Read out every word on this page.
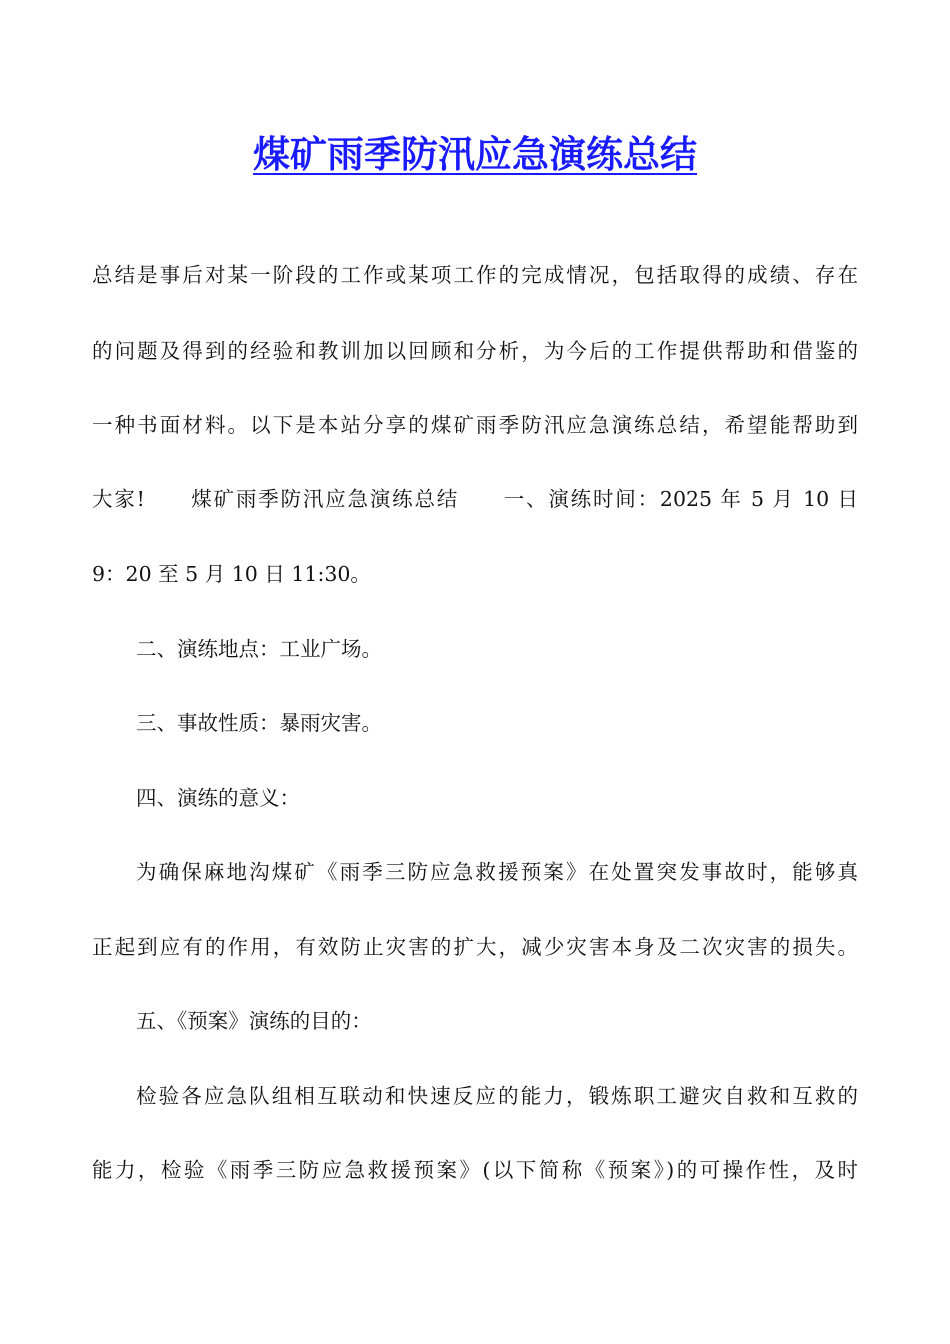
煤矿雨季防汛应急演练总结

总结是事后对某一阶段的工作或某项工作的完成情况，包括取得的成绩、存在

的问题及得到的经验和教训加以回顾和分析，为今后的工作提供帮助和借鉴的

一种书面材料。以下是本站分享的煤矿雨季防汛应急演练总结，希望能帮助到

大家!　　煤矿雨季防汛应急演练总结　　一、演练时间：2025 年 5 月 10 日

9：20 至 5 月 10 日 11:30。

二、演练地点：工业广场。

三、事故性质：暴雨灾害。

四、演练的意义：

为确保麻地沟煤矿《雨季三防应急救援预案》在处置突发事故时，能够真

正起到应有的作用，有效防止灾害的扩大，减少灾害本身及二次灾害的损失。

五、《预案》演练的目的：

检验各应急队组相互联动和快速反应的能力，锻炼职工避灾自救和互救的

能力，检验《雨季三防应急救援预案》(以下简称《预案》)的可操作性，及时
